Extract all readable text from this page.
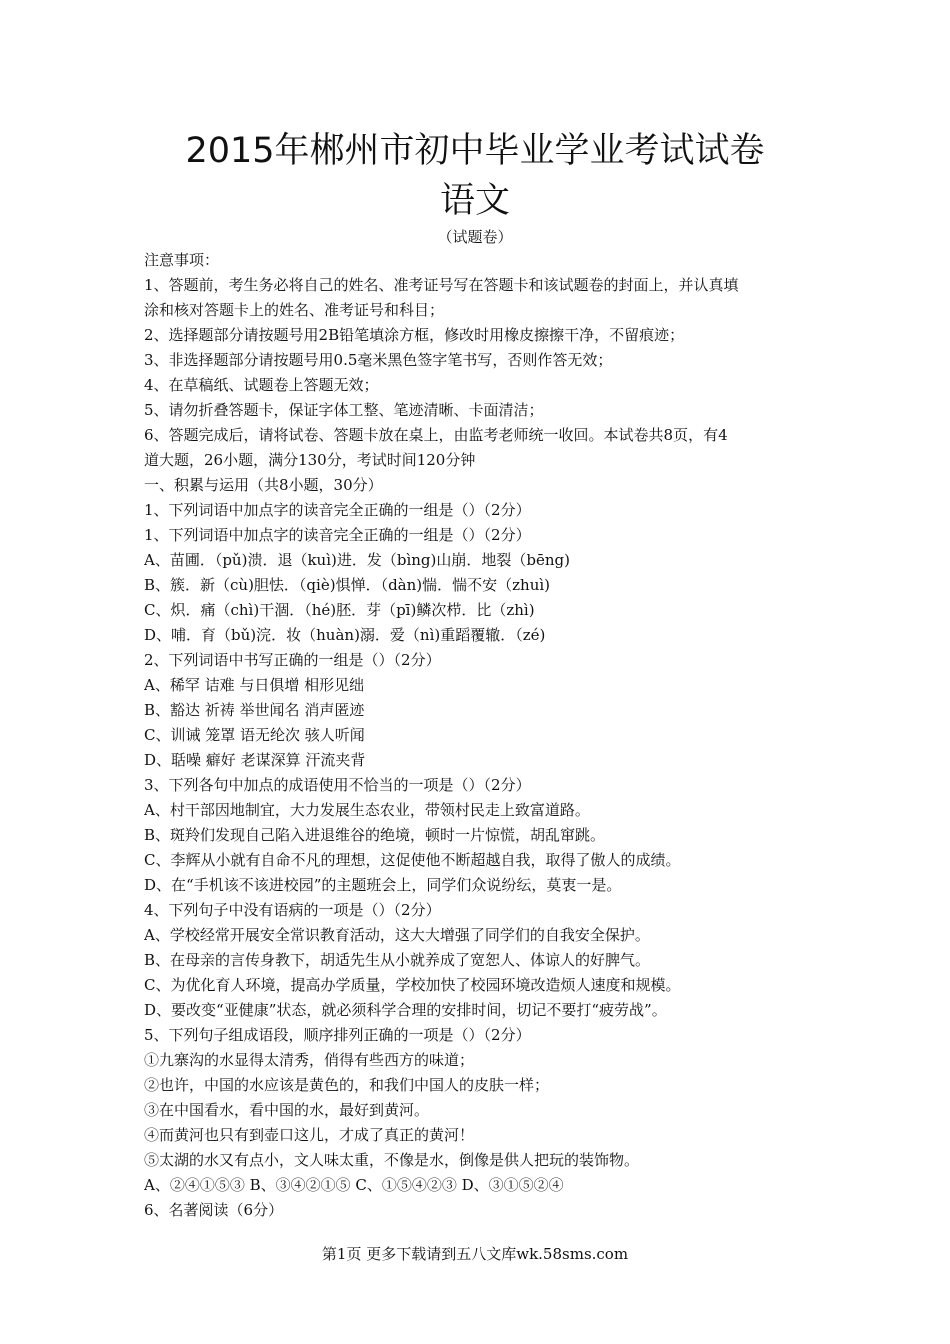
2015年郴州市初中毕业学业考试试卷
语文
（试题卷）
注意事项：
1、答题前，考生务必将自己的姓名、准考证号写在答题卡和该试题卷的封面上，并认真填
涂和核对答题卡上的姓名、准考证号和科目；
2、选择题部分请按题号用2B铅笔填涂方框，修改时用橡皮擦擦干净，不留痕迹；
3、非选择题部分请按题号用0.5毫米黑色签字笔书写，否则作答无效；
4、在草稿纸、试题卷上答题无效；
5、请勿折叠答题卡，保证字体工整、笔迹清晰、卡面清洁；
6、答题完成后，请将试卷、答题卡放在桌上，由监考老师统一收回。本试卷共8页，有4
道大题，26小题，满分130分，考试时间120分钟
一、积累与运用（共8小题，30分）
1、下列词语中加点字的读音完全正确的一组是（）（2分）
1、下列词语中加点字的读音完全正确的一组是（）（2分）
A、苗圃．（pǔ)溃．退（kuì)进．发（bìng)山崩．地裂（bēng)
B、簇．新（cù)胆怯．（qiè)惧惮．（dàn)惴．惴不安（zhuì)
C、炽．痛（chì)干涸．（hé)胚．芽（pī)鳞次栉．比（zhì)
D、哺．育（bǔ)浣．妆（huàn)溺．爱（nì)重蹈覆辙．（zé)
2、下列词语中书写正确的一组是（）（2分）
A、稀罕 诘难 与日俱增 相形见绌
B、豁达 祈祷 举世闻名 消声匿迹
C、训诫 笼罩 语无纶次 骇人听闻
D、聒噪 癖好 老谋深算 汗流夹背
3、下列各句中加点的成语使用不恰当的一项是（）（2分）
A、村干部因地制宜，大力发展生态农业，带领村民走上致富道路。
B、斑羚们发现自己陷入进退维谷的绝境，顿时一片惊慌，胡乱窜跳。
C、李辉从小就有自命不凡的理想，这促使他不断超越自我，取得了傲人的成绩。
D、在“手机该不该进校园”的主题班会上，同学们众说纷纭，莫衷一是。
4、下列句子中没有语病的一项是（）（2分）
A、学校经常开展安全常识教育活动，这大大增强了同学们的自我安全保护。
B、在母亲的言传身教下，胡适先生从小就养成了宽恕人、体谅人的好脾气。
C、为优化育人环境，提高办学质量，学校加快了校园环境改造烦人速度和规模。
D、要改变“亚健康”状态，就必须科学合理的安排时间，切记不要打“疲劳战”。
5、下列句子组成语段，顺序排列正确的一项是（）（2分）
①九寨沟的水显得太清秀，俏得有些西方的味道；
②也许，中国的水应该是黄色的，和我们中国人的皮肤一样；
③在中国看水，看中国的水，最好到黄河。
④而黄河也只有到壶口这儿，才成了真正的黄河！
⑤太湖的水又有点小，文人味太重，不像是水，倒像是供人把玩的装饰物。
A、②④①⑤③ B、③④②①⑤ C、①⑤④②③ D、③①⑤②④
6、名著阅读（6分）
第1页 更多下载请到五八文库wk.58sms.com
